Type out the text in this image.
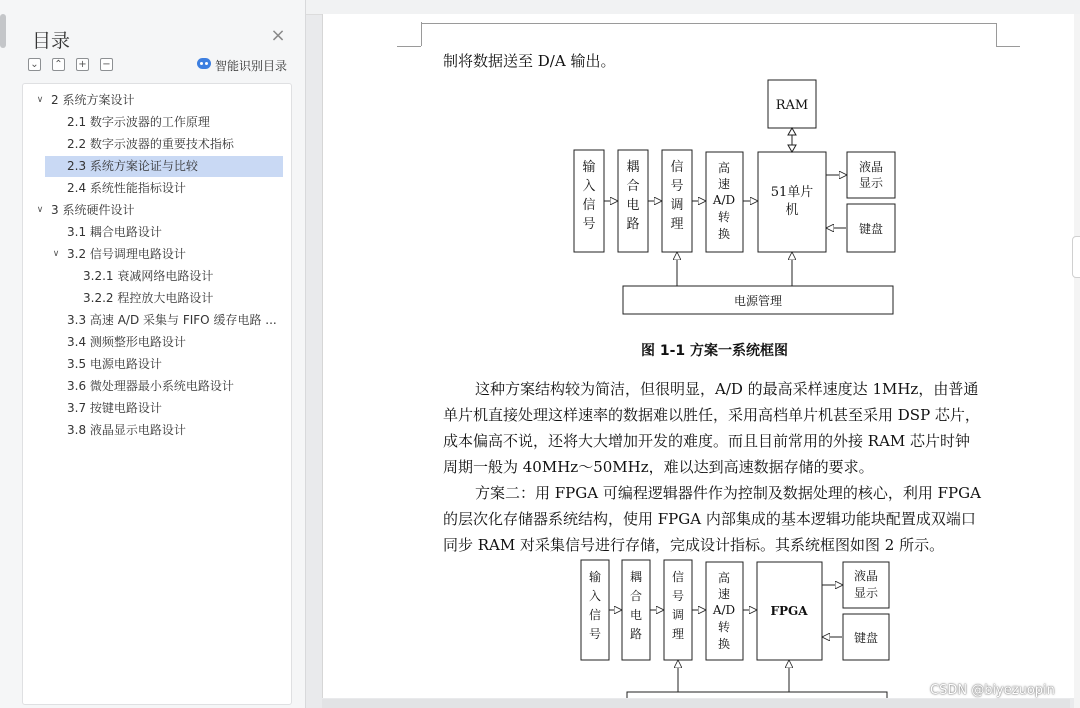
目录	×
⌄ ⌃ + −	智能识别目录
∨ 2 系统方案设计
2.1 数字示波器的工作原理
2.2 数字示波器的重要技术指标
2.3 系统方案论证与比较
2.4 系统性能指标设计
∨ 3 系统硬件设计
3.1 耦合电路设计
∨ 3.2 信号调理电路设计
3.2.1 衰减网络电路设计
3.2.2 程控放大电路设计
3.3 高速 A/D 采集与 FIFO 缓存电路 ...
3.4 测频整形电路设计
3.5 电源电路设计
3.6 微处理器最小系统电路设计
3.7 按键电路设计
3.8 液晶显示电路设计
制将数据送至 D/A 输出。
RAM
输入信号
耦合电路
信号调理
高
速
A/D
转
换
51单片
机
液晶
显示
键盘
电源管理
图 1-1 方案一系统框图
这种方案结构较为简洁，但很明显，A/D 的最高采样速度达 1MHz，由普通
单片机直接处理这样速率的数据难以胜任，采用高档单片机甚至采用 DSP 芯片，
成本偏高不说，还将大大增加开发的难度。而且目前常用的外接 RAM 芯片时钟
周期一般为 40MHz～50MHz，难以达到高速数据存储的要求。
方案二：用 FPGA 可编程逻辑器件作为控制及数据处理的核心，利用 FPGA
的层次化存储器系统结构，使用 FPGA 内部集成的基本逻辑功能块配置成双端口
同步 RAM 对采集信号进行存储，完成设计指标。其系统框图如图 2 所示。
输入信号
耦合电路
信号调理
高
速
A/D
转
换
FPGA
液晶
显示
键盘
CSDN @biyezuopin
